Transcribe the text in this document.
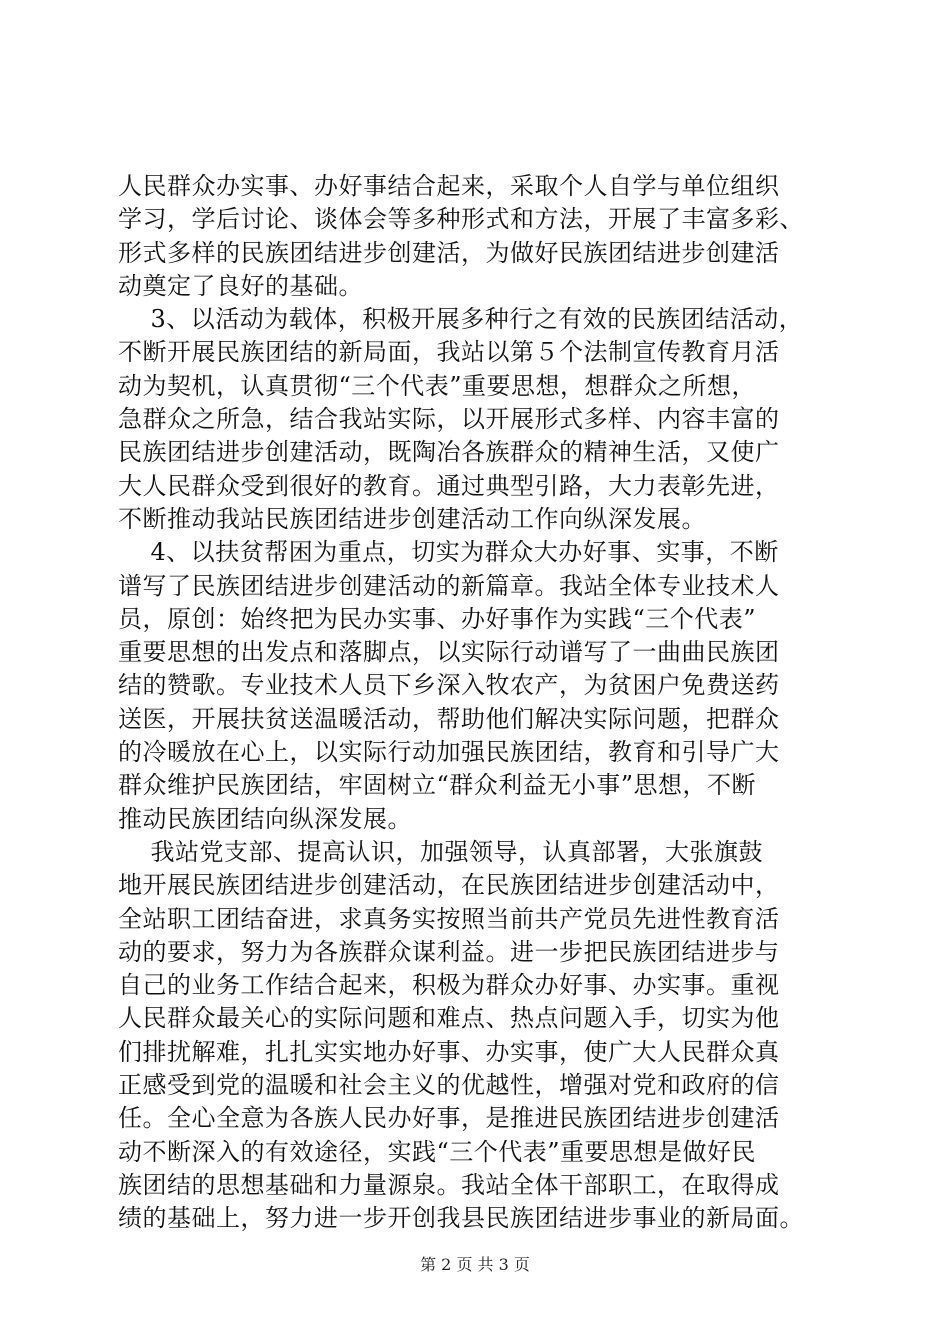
人民群众办实事、办好事结合起来，采取个人自学与单位组织
学习，学后讨论、谈体会等多种形式和方法，开展了丰富多彩、
形式多样的民族团结进步创建活，为做好民族团结进步创建活
动奠定了良好的基础。
3、以活动为载体，积极开展多种行之有效的民族团结活动，
不断开展民族团结的新局面，我站以第５个法制宣传教育月活
动为契机，认真贯彻“三个代表”重要思想，想群众之所想，
急群众之所急，结合我站实际，以开展形式多样、内容丰富的
民族团结进步创建活动，既陶冶各族群众的精神生活，又使广
大人民群众受到很好的教育。通过典型引路，大力表彰先进，
不断推动我站民族团结进步创建活动工作向纵深发展。
4、以扶贫帮困为重点，切实为群众大办好事、实事，不断
谱写了民族团结进步创建活动的新篇章。我站全体专业技术人
员，原创：始终把为民办实事、办好事作为实践“三个代表”
重要思想的出发点和落脚点，以实际行动谱写了一曲曲民族团
结的赞歌。专业技术人员下乡深入牧农产，为贫困户免费送药
送医，开展扶贫送温暖活动，帮助他们解决实际问题，把群众
的冷暖放在心上，以实际行动加强民族团结，教育和引导广大
群众维护民族团结，牢固树立“群众利益无小事”思想，不断
推动民族团结向纵深发展。
我站党支部、提高认识，加强领导，认真部署，大张旗鼓
地开展民族团结进步创建活动，在民族团结进步创建活动中，
全站职工团结奋进，求真务实按照当前共产党员先进性教育活
动的要求，努力为各族群众谋利益。进一步把民族团结进步与
自己的业务工作结合起来，积极为群众办好事、办实事。重视
人民群众最关心的实际问题和难点、热点问题入手，切实为他
们排扰解难，扎扎实实地办好事、办实事，使广大人民群众真
正感受到党的温暖和社会主义的优越性，增强对党和政府的信
任。全心全意为各族人民办好事，是推进民族团结进步创建活
动不断深入的有效途径，实践“三个代表”重要思想是做好民
族团结的思想基础和力量源泉。我站全体干部职工，在取得成
绩的基础上，努力进一步开创我县民族团结进步事业的新局面。
第 2 页 共 3 页
